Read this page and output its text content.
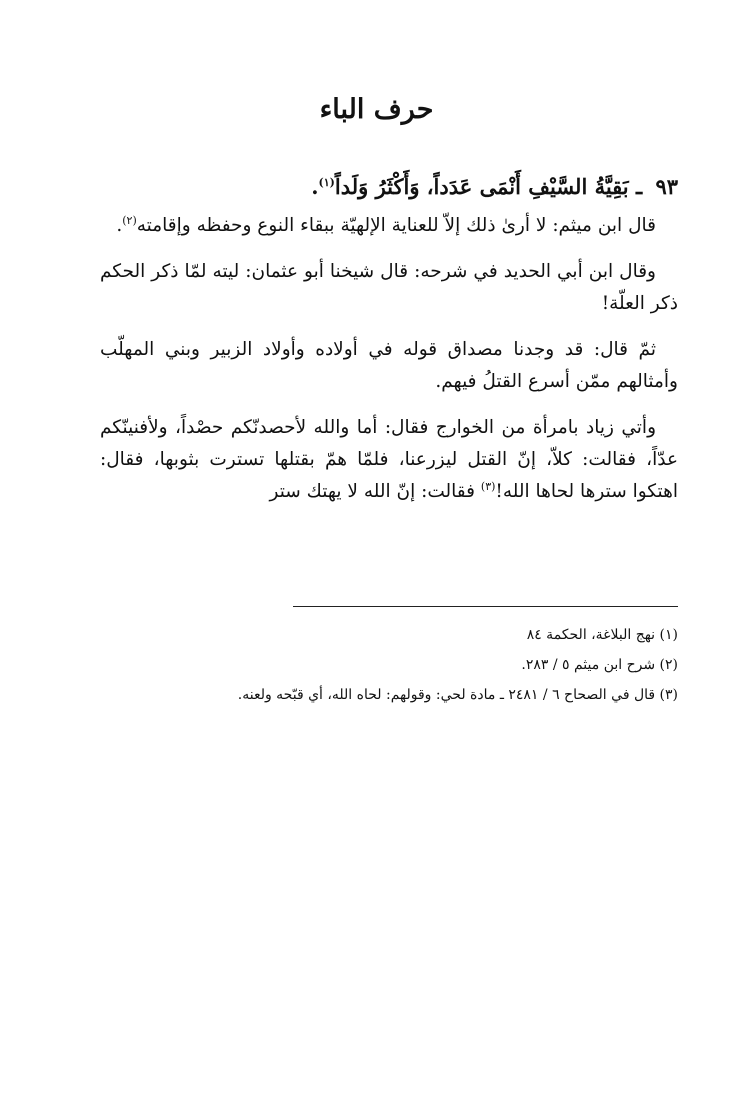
حرف الباء
٩٣ ـ بَقِيَّةُ السَّيْفِ أَنْمَى عَدَداً، وَأَكْثَرُ وَلَداً$^{(١)}$.

قال ابن ميثم: لا أرىٰ ذلك إلاّ للعناية الإلهيّة ببقاء النوع وحفظه وإقامته$^{(٢)}$.

وقال ابن أبي الحديد في شرحه: قال شيخنا أبو عثمان: ليته لمّا ذكر الحكم ذكر العلّة!

ثمّ قال: قد وجدنا مصداق قوله في أولاده وأولاد الزبير وبني المهلّب وأمثالهم ممّن أسرع القتلُ فيهم.

وأتي زياد بامرأة من الخوارج فقال: أما والله لأحصدنّكم حصْداً، ولأفنينّكم عدّاً، فقالت: كلاّ، إنّ القتل ليزرعنا، فلمّا همّ بقتلها تسترت بثوبها، فقال: اهتكوا سترها لحاها الله!$^{(٣)}$ فقالت: إنّ الله لا يهتك ستر

(١) نهج البلاغة، الحكمة ٨٤
(٢) شرح ابن ميثم ٥ / ٢٨٣.
(٣) قال في الصحاح ٦ / ٢٤٨١ ـ مادة لحي: وقولهم: لحاه الله، أي قبّحه ولعنه.
